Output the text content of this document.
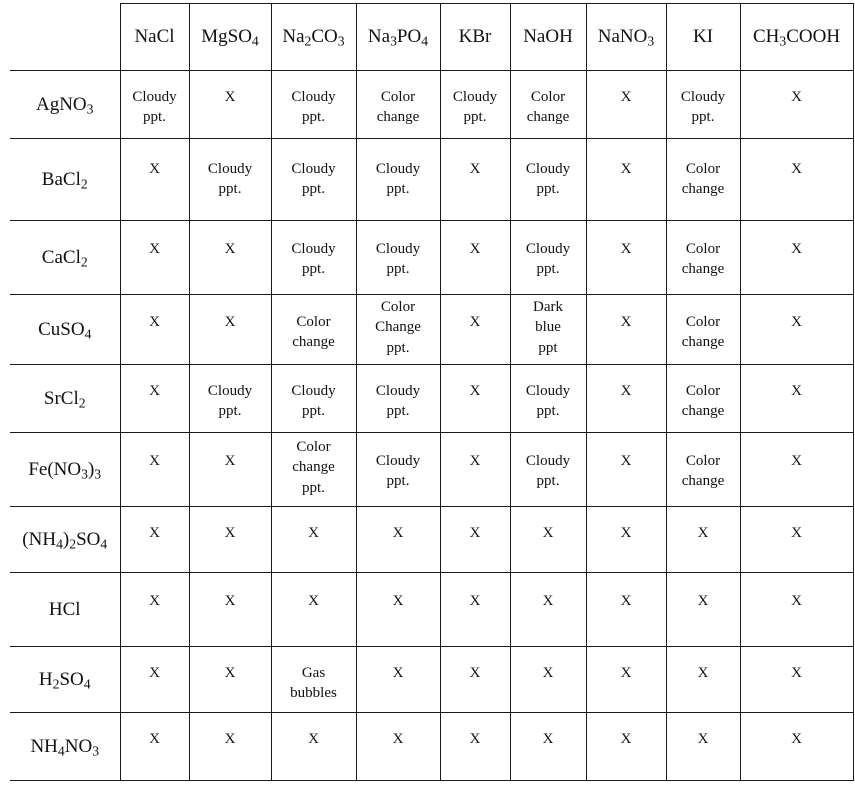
	NaCl	MgSO$_4$	$Na_2CO_3$	$Na_3PO_4$	KBr	NaOH	NaNO$_3$	KI	$CH_3COOH$
AgNO$_3$	Cloudy
ppt.	X	Cloudy
ppt.	Color
change	Cloudy
ppt.	Color
change	X	Cloudy
ppt.	X

BaCl$_2$	X	Cloudy
ppt.	Cloudy
ppt.	Cloudy
ppt.	X	Cloudy
ppt.	X	Color
change	X

CaCl$_2$	X	X	Cloudy
ppt.	Cloudy
ppt.	X	Cloudy
ppt.	X	Color
change	X

CuSO$_4$	X	X	Color
change	Color
Change
ppt.	X	Dark
blue
ppt	X	Color
change	X

SrCl$_2$	X	Cloudy
ppt.	Cloudy
ppt.	Cloudy
ppt.	X	Cloudy
ppt.	X	Color
change	X

$Fe(NO_3)_3$	X	X	Color
change
ppt.	Cloudy
ppt.	X	Cloudy
ppt.	X	Color
change	X

$(NH_4)_2SO_4$	X	X	X	X	X	X	X	X	X

HCl	X	X	X	X	X	X	X	X	X

$H_2SO_4$	X	X	Gas
bubbles	X	X	X	X	X	X

$NH_4NO_3$	X	X	X	X	X	X	X	X	X
